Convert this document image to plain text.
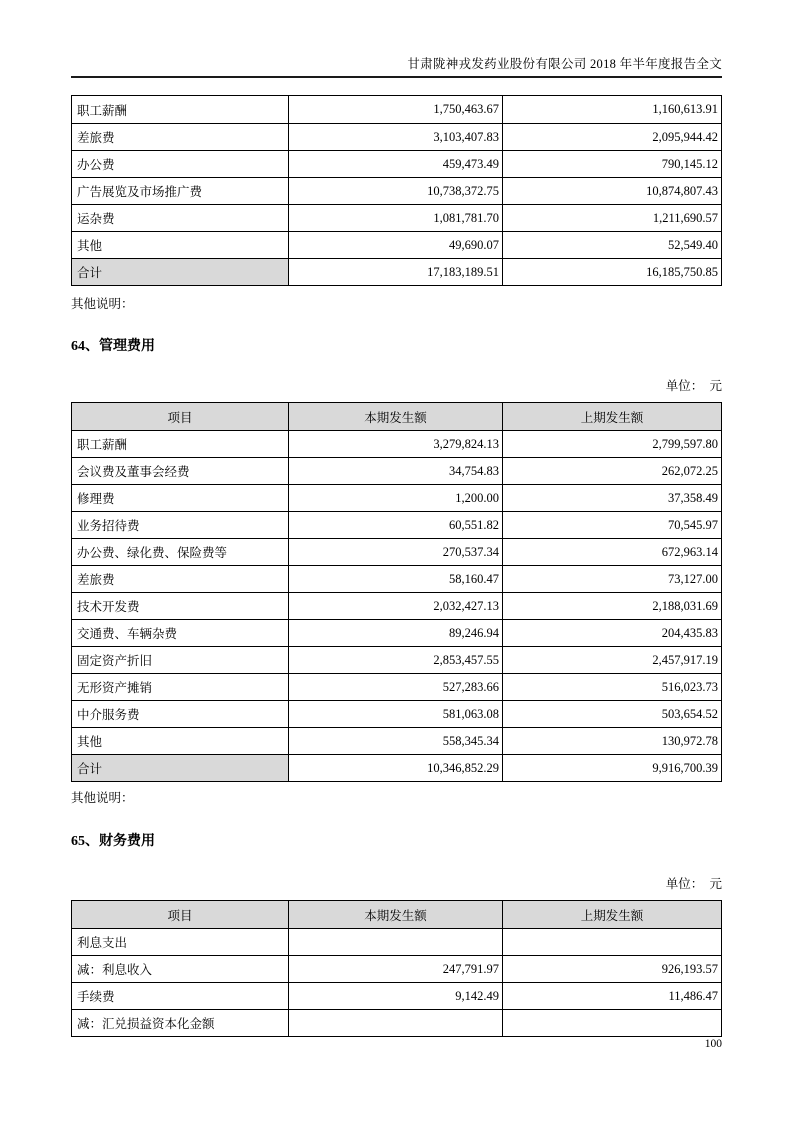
甘肃陇神戎发药业股份有限公司 2018 年半年度报告全文
职工薪酬	1,750,463.67	1,160,613.91
差旅费	3,103,407.83	2,095,944.42
办公费	459,473.49	790,145.12
广告展览及市场推广费	10,738,372.75	10,874,807.43
运杂费	1,081,781.70	1,211,690.57
其他	49,690.07	52,549.40
合计	17,183,189.51	16,185,750.85
其他说明：
64、管理费用
单位：　元
项目	本期发生额	上期发生额
职工薪酬	3,279,824.13	2,799,597.80
会议费及董事会经费	34,754.83	262,072.25
修理费	1,200.00	37,358.49
业务招待费	60,551.82	70,545.97
办公费、绿化费、保险费等	270,537.34	672,963.14
差旅费	58,160.47	73,127.00
技术开发费	2,032,427.13	2,188,031.69
交通费、车辆杂费	89,246.94	204,435.83
固定资产折旧	2,853,457.55	2,457,917.19
无形资产摊销	527,283.66	516,023.73
中介服务费	581,063.08	503,654.52
其他	558,345.34	130,972.78
合计	10,346,852.29	9,916,700.39
其他说明：
65、财务费用
单位：　元
项目	本期发生额	上期发生额
利息支出
减：利息收入	247,791.97	926,193.57
手续费	9,142.49	11,486.47
减：汇兑损益资本化金额
100
